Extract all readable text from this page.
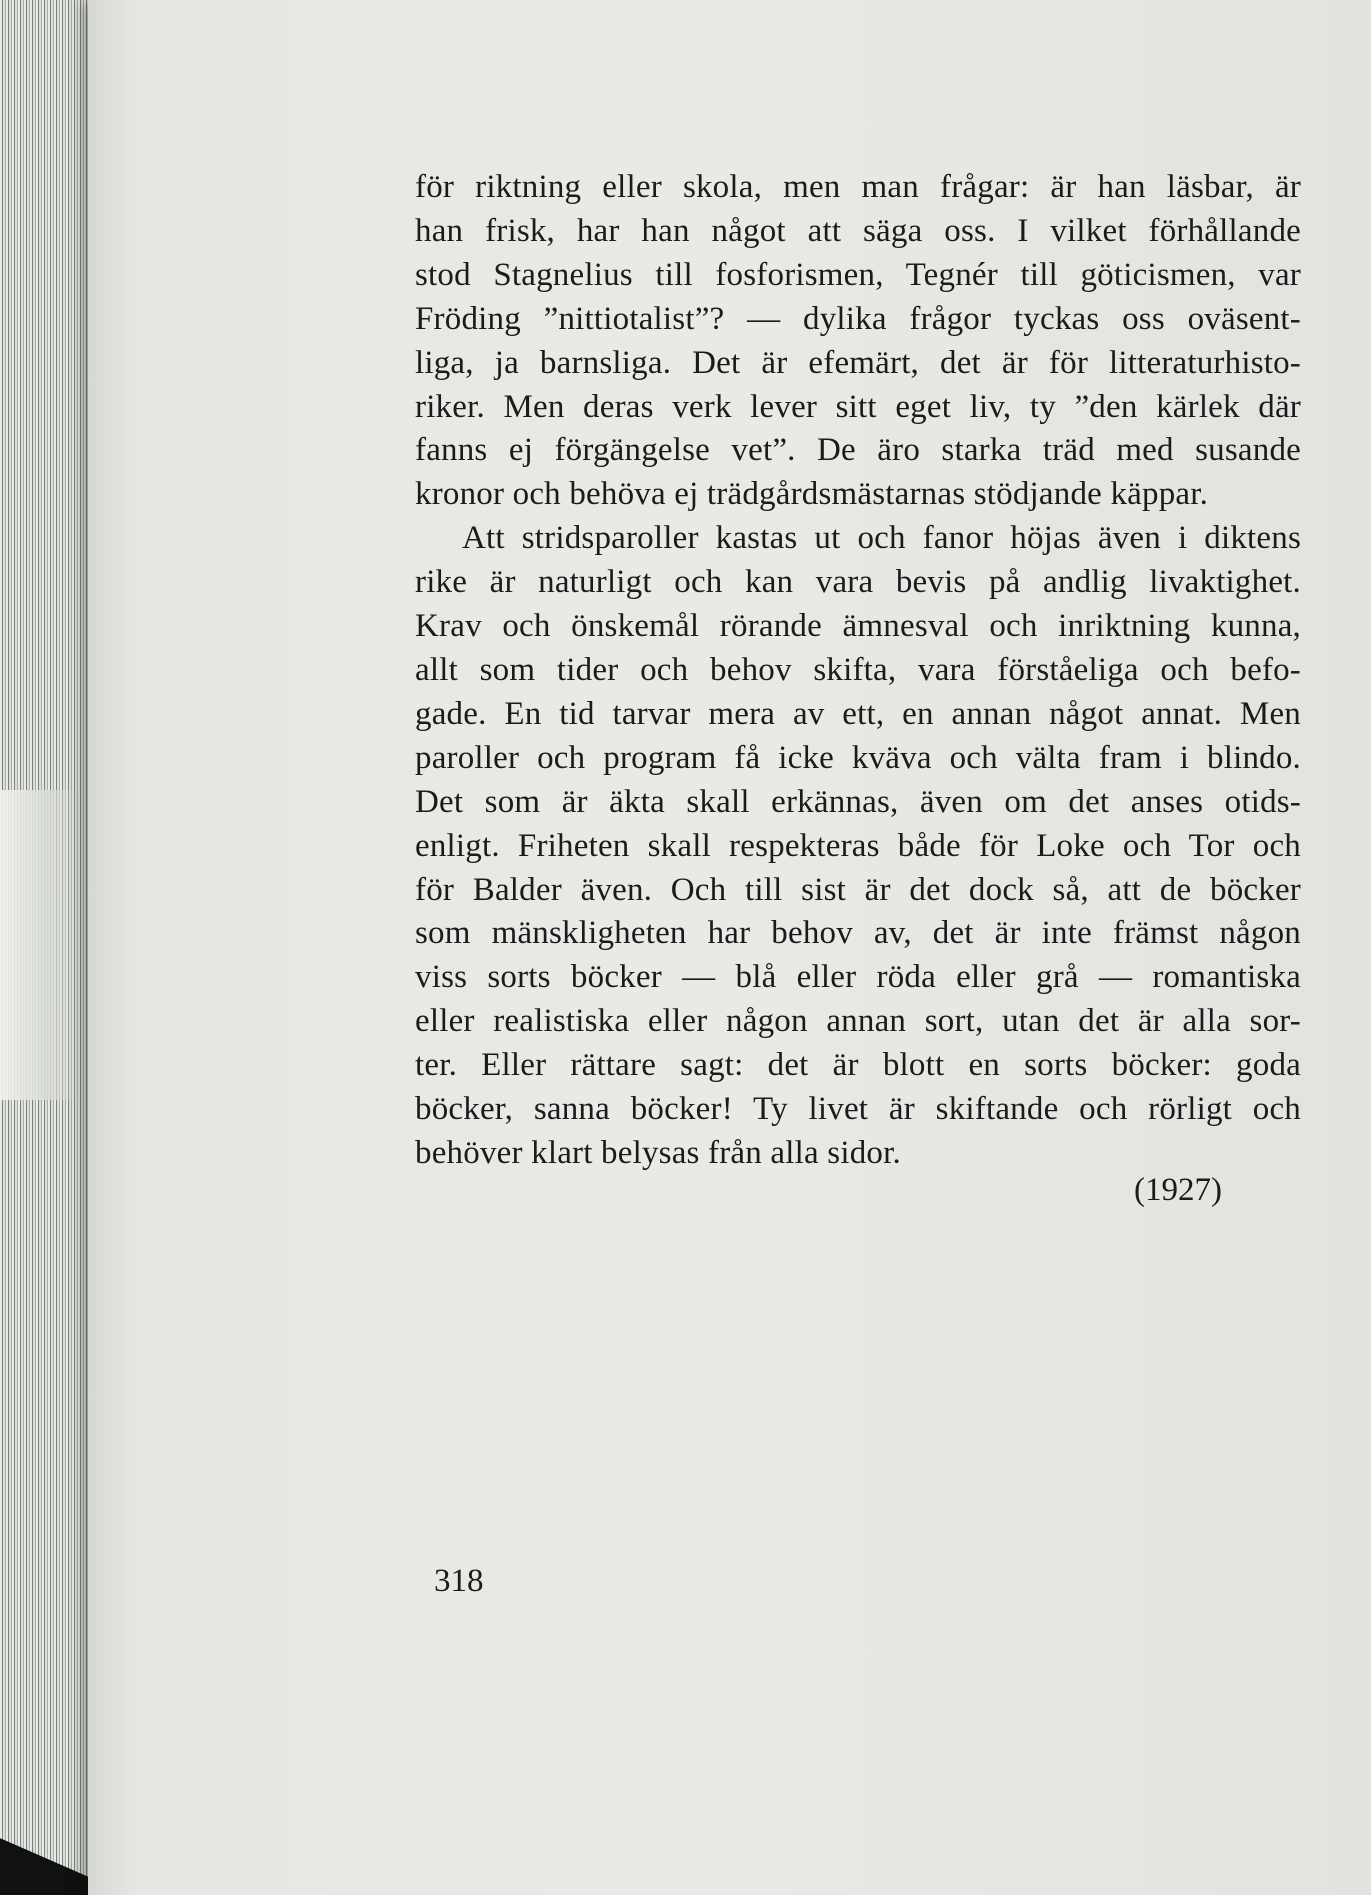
för riktning eller skola, men man frågar: är han läsbar, är
han frisk, har han något att säga oss. I vilket förhållande
stod Stagnelius till fosforismen, Tegnér till göticismen, var
Fröding ”nittiotalist”? — dylika frågor tyckas oss oväsent-
liga, ja barnsliga. Det är efemärt, det är för litteraturhisto-
riker. Men deras verk lever sitt eget liv, ty ”den kärlek där
fanns ej förgängelse vet”. De äro starka träd med susande
kronor och behöva ej trädgårdsmästarnas stödjande käppar.
Att stridsparoller kastas ut och fanor höjas även i diktens
rike är naturligt och kan vara bevis på andlig livaktighet.
Krav och önskemål rörande ämnesval och inriktning kunna,
allt som tider och behov skifta, vara förståeliga och befo-
gade. En tid tarvar mera av ett, en annan något annat. Men
paroller och program få icke kväva och välta fram i blindo.
Det som är äkta skall erkännas, även om det anses otids-
enligt. Friheten skall respekteras både för Loke och Tor och
för Balder även. Och till sist är det dock så, att de böcker
som mänskligheten har behov av, det är inte främst någon
viss sorts böcker — blå eller röda eller grå — romantiska
eller realistiska eller någon annan sort, utan det är alla sor-
ter. Eller rättare sagt: det är blott en sorts böcker: goda
böcker, sanna böcker! Ty livet är skiftande och rörligt och
behöver klart belysas från alla sidor.
(1927)
318
